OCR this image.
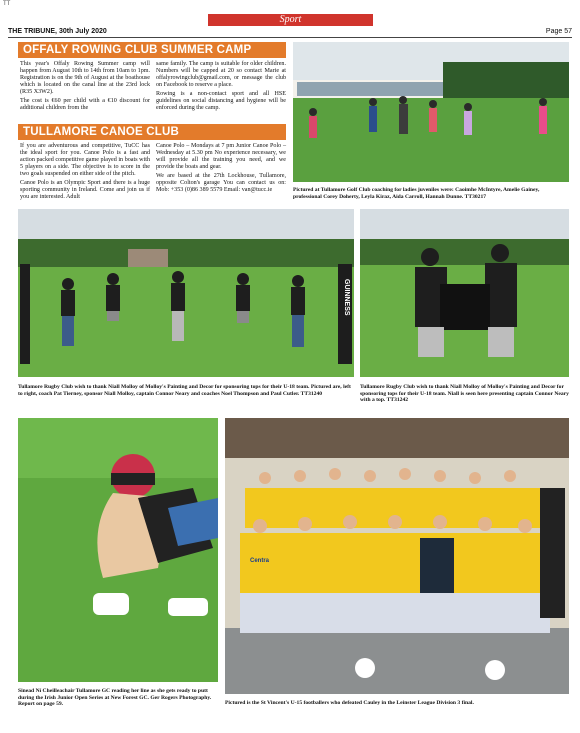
TT
Sport
THE TRIBUNE, 30th July 2020	Page 57
OFFALY ROWING CLUB SUMMER CAMP

This year's Offaly Rowing Summer camp will happen from August 10th to 14th from 10am to 1pm. Registration is on the 9th of August at the boathouse which is located on the canal line at the 23rd lock (R35 X3W2).

The cost is €60 per child with a €10 discount for additional children from the

same family. The camp is suitable for older children. Numbers will be capped at 20 so contact Marie at offalyrowingclub@gmail.com, or message the club on Facebook to reserve a place.

Rowing is a non-contact sport and all HSE guidelines on social distancing and hygiene will be enforced during the camp.

TULLAMORE CANOE CLUB

If you are adventurous and competitive, TuCC has the ideal sport for you. Canoe Polo is a fast and action packed competitive game played in boats with 5 players on a side. The objective is to score in the two goals suspended on either side of the pitch.

Canoe Polo is an Olympic Sport and there is a huge sporting community in Ireland. Come and join us if you are interested. Adult

Canoe Polo – Mondays at 7 pm Junior Canoe Polo – Wednesday at 5.30 pm No experience necessary, we will provide all the training you need, and we provide the boats and gear.

We are based at the 27th Lockhouse, Tullamore, opposite Colton's garage You can contact us on: Mob: +353 (0)86 389 5579 Email: van@tucc.ie	Pictured at Tullamore Golf Club coaching for ladies juveniles were: Caoimhe McIntyre, Amelie Gainey, professional Corey Doherty, Leyla Kiraz, Aida Carroll, Hannah Dunne. TT30217
GUINNESS
Tullamore Rugby Club wish to thank Niall Molloy of Molloy's Painting and Decor for sponsoring tops for their U-18 team. Pictured are, left to right, coach Pat Tierney, sponsor Niall Molloy, captain Connor Neary and coaches Noel Thompson and Paul Cutler. TT31240
Tullamore Rugby Club wish to thank Niall Molloy of Molloy's Painting and Decor for sponsoring tops for their U-18 team. Niall is seen here presenting captain Connor Neary with a top. TT31242
Sinead Ní Cheilleachair Tullamore GC reading her line as she gets ready to putt during the Irish Junior Open Series at New Forest GC. Ger Rogers Photography. Report on page 59.
Centra
Pictured is the St Vincent's U-15 footballers who defeated Cauley in the Leinster League Division 3 final.
